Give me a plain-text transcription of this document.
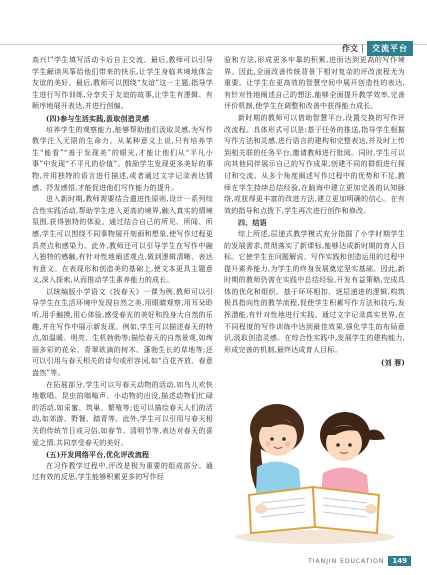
作文	交流平台

高兴!”学生填写活动卡后自主交流。最后,教师可以引导学生解读风筝给他们带来的快乐,让学生身临其境地体会友谊的美好。最后,教师可以围绕“友谊”这一主题,指导学生进行写作训练,分享关于友谊的故事,让学生有逻辑、有顺序地展开表达,并进行创编。

(四)参与生活实践,汲取创造灵感

培养学生的观察能力,能够帮助他们汲取灵感,为写作教学注入无限的生命力。从某种意义上说,只有培养学生“能看”“善于发现美”的眼光,才能让他们从“平凡小事”中发现“不平凡的价值”。鼓励学生发现更多美好的事物,并用独特的语言进行描述,或者通过文字记录表达情感、抒发感悟,才能促进他们写作能力的提升。

进入新时期,教师需要结合遣进性原则,设计一系列综合性实践活动,帮助学生进入更高的境界,触入真实的情境氛围,获得独特的体验。通过结合自己的所见、所闻、所感,学生可以围绕不同事物展开刻画和想象,使写作过程更具亮点和感染力。此外,教师还可以引导学生在写作中融入独特的感触,有针对性地阐述观点,做到逻辑清晰、表达有意义。在表现形和创造美的基础上,使文本更具主题意义,深入探索,从而推动学生素养能力的成长。

以统编版小学语文《找春天》一课为例,教师可以引导学生在生活环境中发现自然之美,用眼睛观察,用耳朵聆听,用手触摸,用心体验,感受春光的美好和投身大自然的乐趣,并在写作中展示新发现。例如,学生可以描述春天的特点,如温暖、明亮、生机勃勃等;描绘春天的自然景观,如绚丽多彩的花朵、青翠欲滴的树木、蓬勃生长的草地等;还可以引用与春天相关的诗句或形容词,如“百花齐放、春意盎然”等。

在拓展部分,学生可以写春天动物的活动,如鸟儿欢快地歌唱、昆虫的嗡嗡声、小动物的出没,描述动物们忙碌的活动,如采蜜、筑巢、繁殖等;也可以描绘春天人们的活动,如郊游、野餐、踏青等。此外,学生可以引用与春天相关的传统节日或习俗,如春节、清明节等,表达对春天的喜爱之情,共同享受春天的美好。

(五)开发网络平台,优化评改流程

在习作教学过程中,评改是极为重要的组成部分。通过有效的反思,学生能够积累更多的写作经

验和方法,形成更多牢靠的积累,进而达到更高的写作境界。因此,全面改善传统背景下相对复杂的评改流程尤为重要。让学生在更高效的智慧空间中展开创造性的表达,有针对性地阐述自己的想法,能够全面提升教学效率,完善评价机制,使学生在调整和改善中获得能力成长。

新时期的教师可以借助智慧平台,设置交换的写作评改流程。具体形式可以是:基于任务的推送,指导学生根据写作方法和灵感,进行语言的建构和完整表达,并及时上传到相关联的任务平台,邀请教师进行批阅。同时,学生可以向其他同伴展示自己的写作成果,创建不同的群组进行探讨和交流。从多个角度阐述写作过程中的优势和不足,教师在学生持续总结经验,在脑海中建立更加完善的认知脉络,或获得更丰富的改进方法,建立更加明确的信心。在有效的指导和点拨下,学生再次进行创作和修改。

四、结语

综上所述,层递式教学模式充分指掘了小学时期学生的发展需求,贯彻落实了新课标,能够达成新时期的育人目标。它使学生在问题解说、写作实践和创造运用的过程中提升素养能力,为学生的终身发展奠定坚实基础。因此,新时期的教师仍需在实践中总结经验,开发有益策略,完成具体的优化和组织。基于环环相扣、逐层递进的逻辑,构筑极具指向性的教学流程,促使学生积累写作方法和技巧,发挥潜能,有针对性地进行实践。通过文字记录真实世界,在不同程度的写作训练中达到最佳效果,强化学生的布局意识,汲取创造灵感。在综合性实践中,发展学生的建构能力,形成完善的机制,最终达成育人目标。

(刘 蓉)
TIANJIN EDUCATION	149
